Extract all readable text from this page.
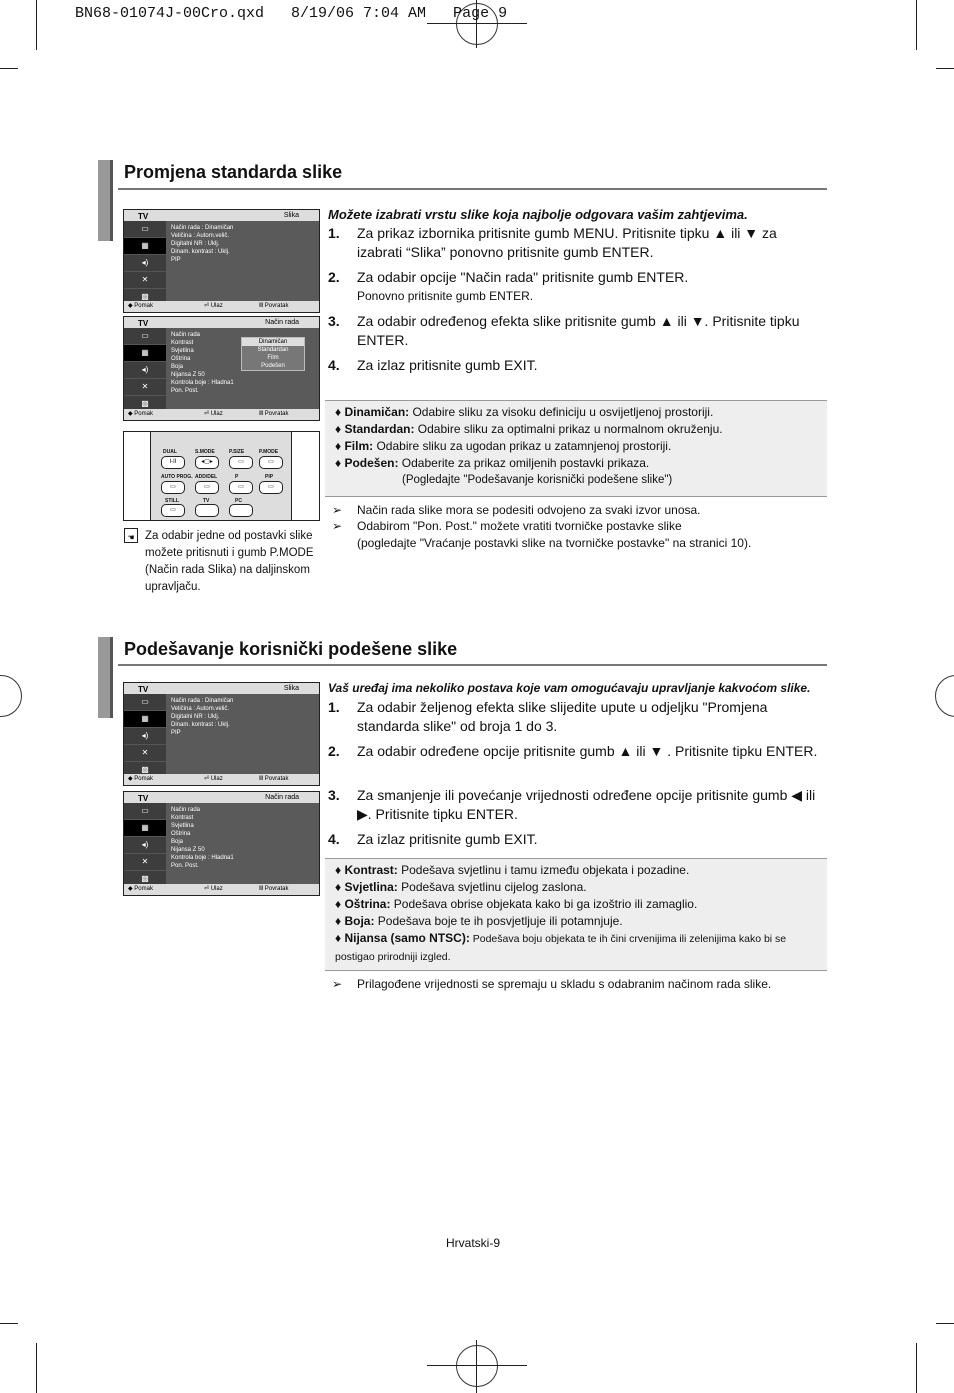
BN68-01074J-00Cro.qxd   8/19/06 7:04 AM   Page 9
Promjena standarda slike
TV	Slika
▭
▦
◂)
✕
▩
Način rada : Dinamičan
Veličina : Autom.velič.
Digitalni NR : Uklj.
Dinam. kontrast : Uklj.
PIP
◆ Pomak	⏎ Ulaz	Ⅲ Povratak
TV	Način rada
▭
▦
◂)
✕
▩
Način rada
Kontrast
Svjetlina
Oštrina
Boja
Nijansa Z 50
Kontrola boje : Hladna1
Pon. Post.
Dinamičan
Standardan
Film
Podešen
◆ Pomak	⏎ Ulaz	Ⅲ Povratak
DUAL	S.MODE	P.SIZE	P.MODE
I-II	◂▢▸	▭	▭
AUTO PROG. ADD/DEL	P	PIP
▭	▭	▭	▭
STILL	TV	PC
▭
☚ Za odabir jedne od postavki slike možete pritisnuti i gumb P.MODE (Način rada Slika) na daljinskom upravljaču.
Možete izabrati vrstu slike koja najbolje odgovara vašim zahtjevima.
1. Za prikaz izbornika pritisnite gumb MENU. Pritisnite tipku ▲ ili ▼ za izabrati “Slika” ponovno pritisnite gumb ENTER.
2. Za odabir opcije "Način rada" pritisnite gumb ENTER.
Ponovno pritisnite gumb ENTER.
3. Za odabir određenog efekta slike pritisnite gumb ▲ ili ▼. Pritisnite tipku ENTER.
4. Za izlaz pritisnite gumb EXIT.
♦ Dinamičan: Odabire sliku za visoku definiciju u osvijetljenoj prostoriji.
♦ Standardan: Odabire sliku za optimalni prikaz u normalnom okruženju.
♦ Film: Odabire sliku za ugodan prikaz u zatamnjenoj prostoriji.
♦ Podešen: Odaberite za prikaz omiljenih postavki prikaza.
(Pogledajte "Podešavanje korisnički podešene slike")
➢ Način rada slike mora se podesiti odvojeno za svaki izvor unosa.
➢ Odabirom "Pon. Post." možete vratiti tvorničke postavke slike
(pogledajte "Vraćanje postavki slike na tvorničke postavke" na stranici 10).
Podešavanje korisnički podešene slike
TV	Slika
▭
▦
◂)
✕
▩
Način rada : Dinamičan
Veličina : Autom.velič.
Digitalni NR : Uklj.
Dinam. kontrast : Uklj.
PIP
◆ Pomak	⏎ Ulaz	Ⅲ Povratak
TV	Način rada
▭
▦
◂)
✕
▩
Način rada
Kontrast
Svjetlina
Oštrina
Boja
Nijansa Z 50
Kontrola boje : Hladna1
Pon. Post.
◆ Pomak	⏎ Ulaz	Ⅲ Povratak
Vaš uređaj ima nekoliko postava koje vam omogućavaju upravljanje kakvoćom slike.
1. Za odabir željenog efekta slike slijedite upute u odjeljku "Promjena standarda slike" od broja 1 do 3.
2. Za odabir određene opcije pritisnite gumb ▲ ili ▼ . Pritisnite tipku ENTER.
3. Za smanjenje ili povećanje vrijednosti određene opcije pritisnite gumb ◀ ili ▶. Pritisnite tipku ENTER.
4. Za izlaz pritisnite gumb EXIT.
♦ Kontrast: Podešava svjetlinu i tamu između objekata i pozadine.
♦ Svjetlina: Podešava svjetlinu cijelog zaslona.
♦ Oštrina: Podešava obrise objekata kako bi ga izoštrio ili zamaglio.
♦ Boja: Podešava boje te ih posvjetljuje ili potamnjuje.
♦ Nijansa (samo NTSC): Podešava boju objekata te ih čini crvenijima ili zelenijima kako bi se postigao prirodniji izgled.
➢ Prilagođene vrijednosti se spremaju u skladu s odabranim načinom rada slike.
Hrvatski-9
